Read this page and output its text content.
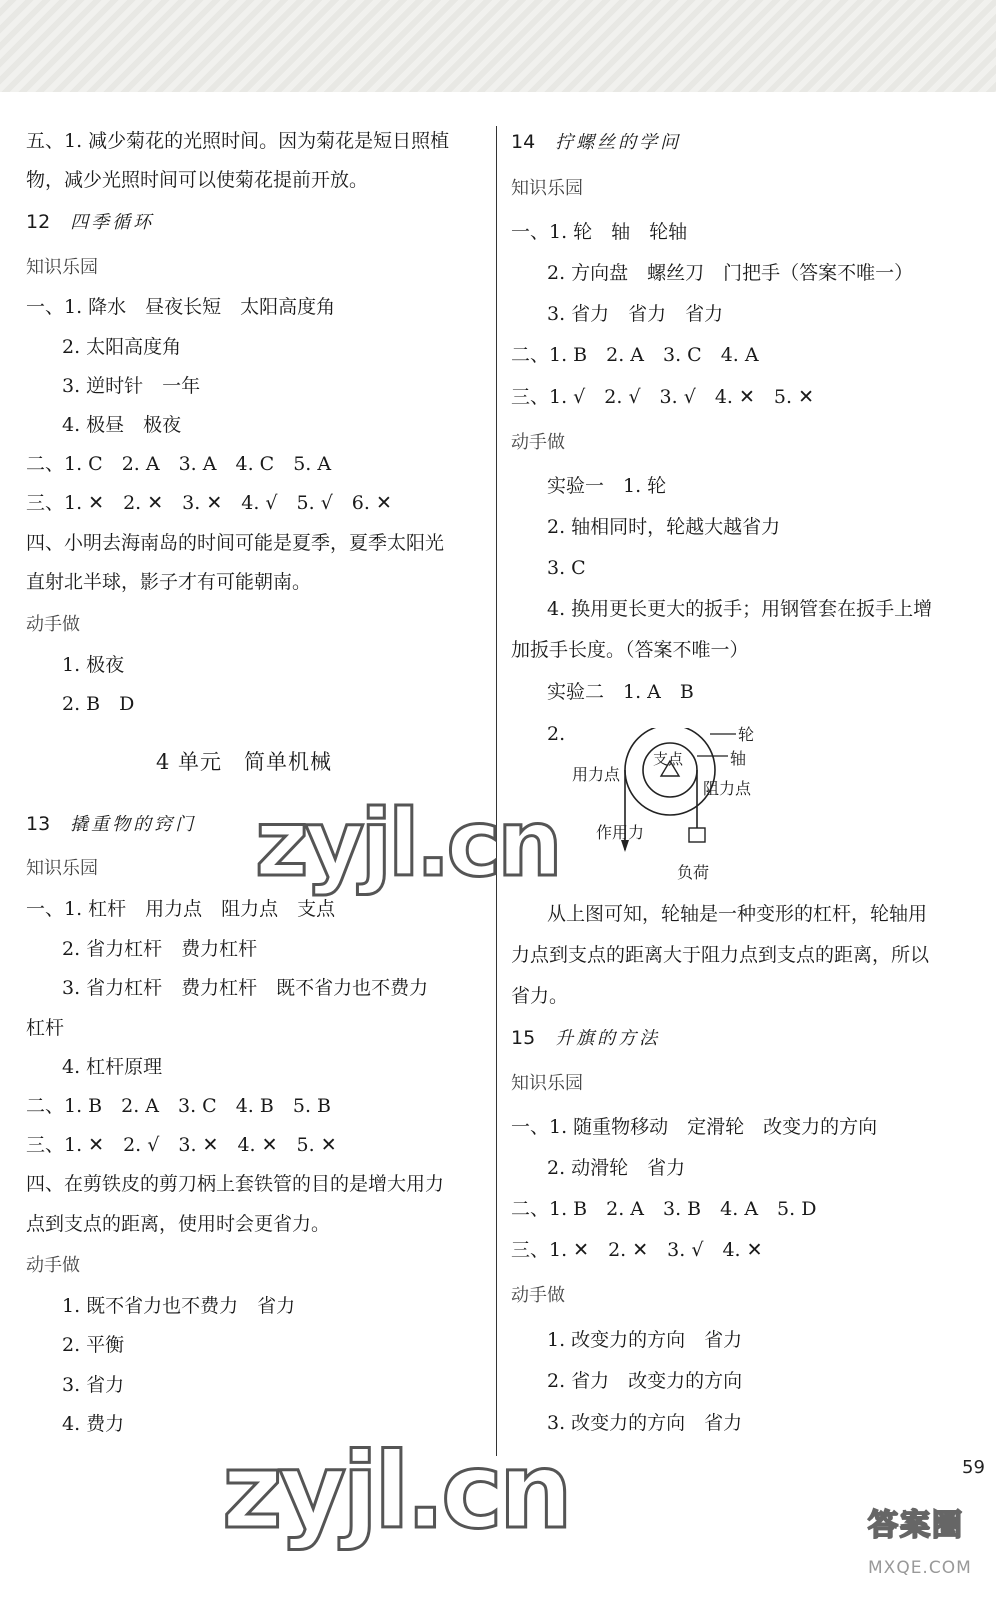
五、1. 减少菊花的光照时间。因为菊花是短日照植
物，减少光照时间可以使菊花提前开放。
12 四季循环
知识乐园
一、1. 降水　昼夜长短　太阳高度角
2. 太阳高度角
3. 逆时针　一年
4. 极昼　极夜
二、1. C　2. A　3. A　4. C　5. A
三、1. ✕　2. ✕　3. ✕　4. √　5. √　6. ✕
四、小明去海南岛的时间可能是夏季，夏季太阳光
直射北半球，影子才有可能朝南。
动手做
1. 极夜
2. B　D
4 单元　简单机械
13 撬重物的窍门
知识乐园
一、1. 杠杆　用力点　阻力点　支点
2. 省力杠杆　费力杠杆
3. 省力杠杆　费力杠杆　既不省力也不费力
杠杆
4. 杠杆原理
二、1. B　2. A　3. C　4. B　5. B
三、1. ✕　2. √　3. ✕　4. ✕　5. ✕
四、在剪铁皮的剪刀柄上套铁管的目的是增大用力
点到支点的距离，使用时会更省力。
动手做
1. 既不省力也不费力　省力
2. 平衡
3. 省力
4. 费力
14 拧螺丝的学问
知识乐园
一、1. 轮　轴　轮轴
2. 方向盘　螺丝刀　门把手（答案不唯一）
3. 省力　省力　省力
二、1. B　2. A　3. C　4. A
三、1. √　2. √　3. √　4. ✕　5. ✕
动手做
实验一　1. 轮
2. 轴相同时，轮越大越省力
3. C
4. 换用更长更大的扳手；用钢管套在扳手上增
加扳手长度。（答案不唯一）
实验二　1. A　B
2.	轮
轴
支点
用力点
阻力点
作用力
负荷
从上图可知，轮轴是一种变形的杠杆，轮轴用
力点到支点的距离大于阻力点到支点的距离，所以
省力。
15 升旗的方法
知识乐园
一、1. 随重物移动　定滑轮　改变力的方向
2. 动滑轮　省力
二、1. B　2. A　3. B　4. A　5. D
三、1. ✕　2. ✕　3. √　4. ✕
动手做
1. 改变力的方向　省力
2. 省力　改变力的方向
3. 改变力的方向　省力
zyjl.cn
zyjl.cn	59
答案圈
MXQE.COM
